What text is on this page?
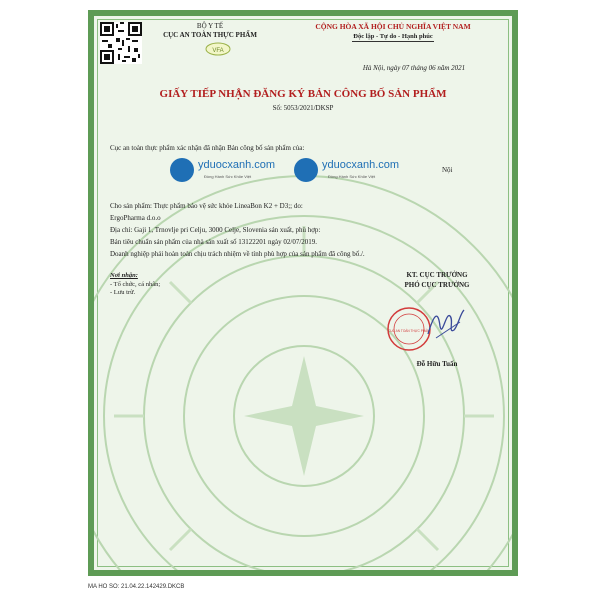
BỘ Y TẾ
CỤC AN TOÀN THỰC PHẨM
VFA
CỘNG HÒA XÃ HỘI CHỦ NGHĨA VIỆT NAM
Độc lập - Tự do - Hạnh phúc
Hà Nội, ngày 07 tháng 06 năm 2021
GIẤY TIẾP NHẬN ĐĂNG KÝ BẢN CÔNG BỐ SẢN PHẨM
Số: 5053/2021/DKSP
Cục an toàn thực phẩm xác nhận đã nhận Bản công bố sản phẩm của:
yduocxanh.com
Đồng Hành Sức Khỏe Việt
yduocxanh.com
Đồng Hành Sức Khỏe Việt
Nội
Cho sản phẩm: Thực phẩm bảo vệ sức khỏe LineaBon K2 + D3;; do:
ErgoPharma d.o.o
Địa chỉ: Gaji 1, Trnovlje pri Celju, 3000 Celje, Slovenia sản xuất, phù hợp:
Bản tiêu chuẩn sản phẩm của nhà sản xuất số 13122201 ngày 02/07/2019.
Doanh nghiệp phải hoàn toàn chịu trách nhiệm về tính phù hợp của sản phẩm đã công bố./.
Nơi nhận:
- Tổ chức, cá nhân;
- Lưu trữ.
KT. CỤC TRƯỞNG
PHÓ CỤC TRƯỞNG
CỤC AN TOÀN THỰC PHẨM
Đỗ Hữu Tuấn
MA HO SO: 21.04.22.142429.DKCB
